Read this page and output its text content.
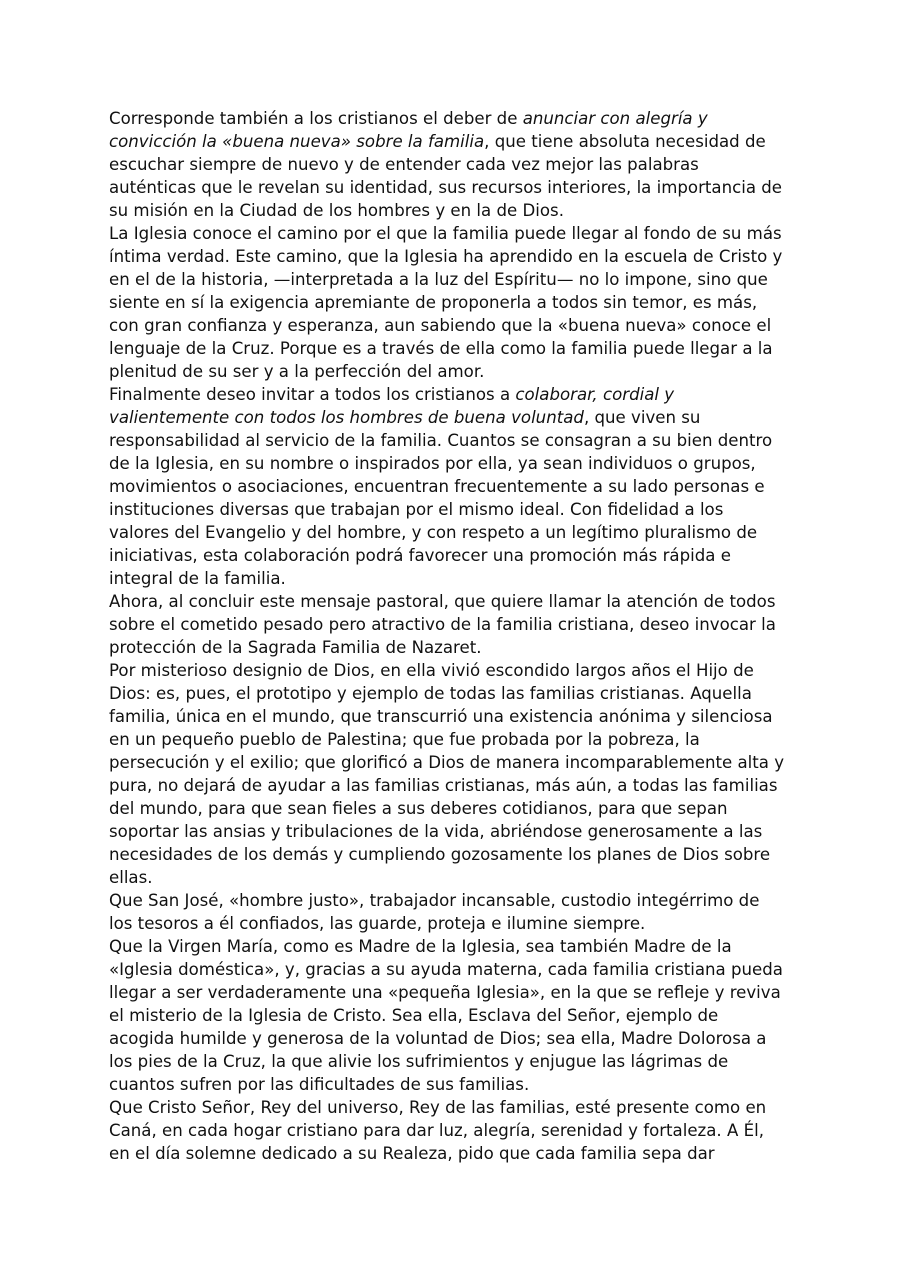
Corresponde también a los cristianos el deber de anunciar con alegría y
convicción la «buena nueva» sobre la familia, que tiene absoluta necesidad de
escuchar siempre de nuevo y de entender cada vez mejor las palabras
auténticas que le revelan su identidad, sus recursos interiores, la importancia de
su misión en la Ciudad de los hombres y en la de Dios.
La Iglesia conoce el camino por el que la familia puede llegar al fondo de su más
íntima verdad. Este camino, que la Iglesia ha aprendido en la escuela de Cristo y
en el de la historia, —interpretada a la luz del Espíritu— no lo impone, sino que
siente en sí la exigencia apremiante de proponerla a todos sin temor, es más,
con gran confianza y esperanza, aun sabiendo que la «buena nueva» conoce el
lenguaje de la Cruz. Porque es a través de ella como la familia puede llegar a la
plenitud de su ser y a la perfección del amor.
Finalmente deseo invitar a todos los cristianos a colaborar, cordial y
valientemente con todos los hombres de buena voluntad, que viven su
responsabilidad al servicio de la familia. Cuantos se consagran a su bien dentro
de la Iglesia, en su nombre o inspirados por ella, ya sean individuos o grupos,
movimientos o asociaciones, encuentran frecuentemente a su lado personas e
instituciones diversas que trabajan por el mismo ideal. Con fidelidad a los
valores del Evangelio y del hombre, y con respeto a un legítimo pluralismo de
iniciativas, esta colaboración podrá favorecer una promoción más rápida e
integral de la familia.
Ahora, al concluir este mensaje pastoral, que quiere llamar la atención de todos
sobre el cometido pesado pero atractivo de la familia cristiana, deseo invocar la
protección de la Sagrada Familia de Nazaret.
Por misterioso designio de Dios, en ella vivió escondido largos años el Hijo de
Dios: es, pues, el prototipo y ejemplo de todas las familias cristianas. Aquella
familia, única en el mundo, que transcurrió una existencia anónima y silenciosa
en un pequeño pueblo de Palestina; que fue probada por la pobreza, la
persecución y el exilio; que glorificó a Dios de manera incomparablemente alta y
pura, no dejará de ayudar a las familias cristianas, más aún, a todas las familias
del mundo, para que sean fieles a sus deberes cotidianos, para que sepan
soportar las ansias y tribulaciones de la vida, abriéndose generosamente a las
necesidades de los demás y cumpliendo gozosamente los planes de Dios sobre
ellas.
Que San José, «hombre justo», trabajador incansable, custodio integérrimo de
los tesoros a él confiados, las guarde, proteja e ilumine siempre.
Que la Virgen María, como es Madre de la Iglesia, sea también Madre de la
«Iglesia doméstica», y, gracias a su ayuda materna, cada familia cristiana pueda
llegar a ser verdaderamente una «pequeña Iglesia», en la que se refleje y reviva
el misterio de la Iglesia de Cristo. Sea ella, Esclava del Señor, ejemplo de
acogida humilde y generosa de la voluntad de Dios; sea ella, Madre Dolorosa a
los pies de la Cruz, la que alivie los sufrimientos y enjugue las lágrimas de
cuantos sufren por las dificultades de sus familias.
Que Cristo Señor, Rey del universo, Rey de las familias, esté presente como en
Caná, en cada hogar cristiano para dar luz, alegría, serenidad y fortaleza. A Él,
en el día solemne dedicado a su Realeza, pido que cada familia sepa dar
